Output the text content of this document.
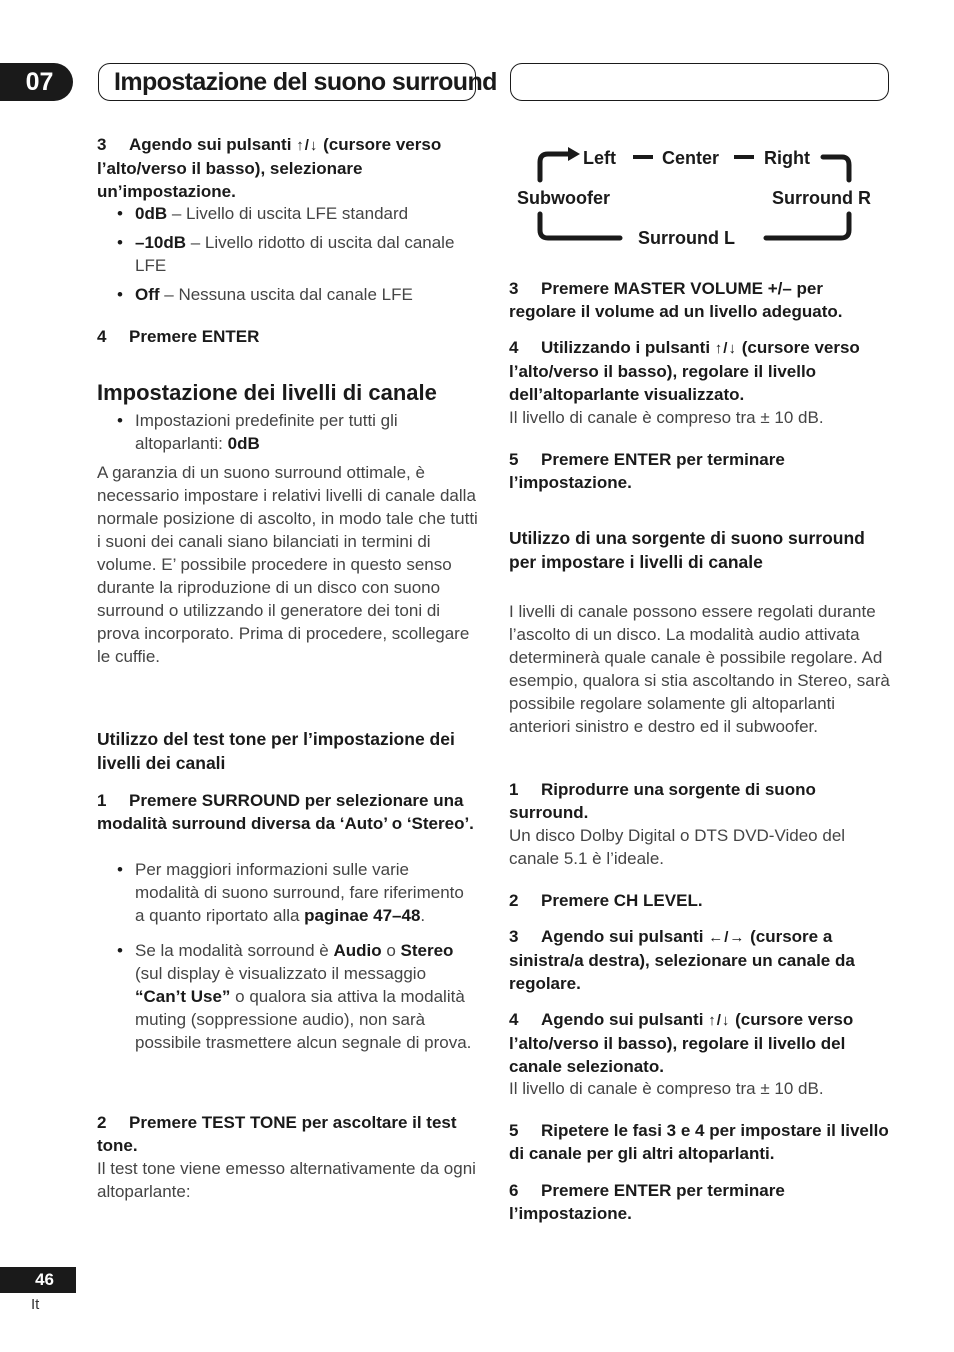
07	Impostazione del suono surround
3 Agendo sui pulsanti ↑/↓ (cursore verso l’alto/verso il basso), selezionare un’impostazione.
• 0dB – Livello di uscita LFE standard
• –10dB – Livello ridotto di uscita dal canale LFE
• Off – Nessuna uscita dal canale LFE
4 Premere ENTER
Impostazione dei livelli di canale
• Impostazioni predefinite per tutti gli altoparlanti: 0dB
A garanzia di un suono surround ottimale, è necessario impostare i relativi livelli di canale dalla normale posizione di ascolto, in modo tale che tutti i suoni dei canali siano bilanciati in termini di volume. E’ possibile procedere in questo senso durante la riproduzione di un disco con suono surround o utilizzando il generatore dei toni di prova incorporato. Prima di procedere, scollegare le cuffie.
Utilizzo del test tone per l’impostazione dei livelli dei canali
1 Premere SURROUND per selezionare una modalità surround diversa da ‘Auto’ o ‘Stereo’.
• Per maggiori informazioni sulle varie modalità di suono surround, fare riferimento a quanto riportato alla paginae 47–48.
• Se la modalità sorround è Audio o Stereo (sul display è visualizzato il messaggio “Can’t Use” o qualora sia attiva la modalità muting (soppressione audio), non sarà possibile trasmettere alcun segnale di prova.
2 Premere TEST TONE per ascoltare il test tone.
Il test tone viene emesso alternativamente da ogni altoparlante:
Left	Center Right
Subwoofer	Surround R
Surround L
3 Premere MASTER VOLUME +/– per regolare il volume ad un livello adeguato.
4 Utilizzando i pulsanti ↑/↓ (cursore verso l’alto/verso il basso), regolare il livello dell’altoparlante visualizzato.
Il livello di canale è compreso tra ± 10 dB.
5 Premere ENTER per terminare l’impostazione.
Utilizzo di una sorgente di suono surround per impostare i livelli di canale
I livelli di canale possono essere regolati durante l’ascolto di un disco. La modalità audio attivata determinerà quale canale è possibile regolare. Ad esempio, qualora si stia ascoltando in Stereo, sarà possibile regolare solamente gli altoparlanti anteriori sinistro e destro ed il subwoofer.
1 Riprodurre una sorgente di suono surround.
Un disco Dolby Digital o DTS DVD-Video del canale 5.1 è l’ideale.
2 Premere CH LEVEL.
3 Agendo sui pulsanti ←/→ (cursore a sinistra/a destra), selezionare un canale da regolare.
4 Agendo sui pulsanti ↑/↓ (cursore verso l’alto/verso il basso), regolare il livello del canale selezionato.
Il livello di canale è compreso tra ± 10 dB.
5 Ripetere le fasi 3 e 4 per impostare il livello di canale per gli altri altoparlanti.
6 Premere ENTER per terminare l’impostazione.
46
It
